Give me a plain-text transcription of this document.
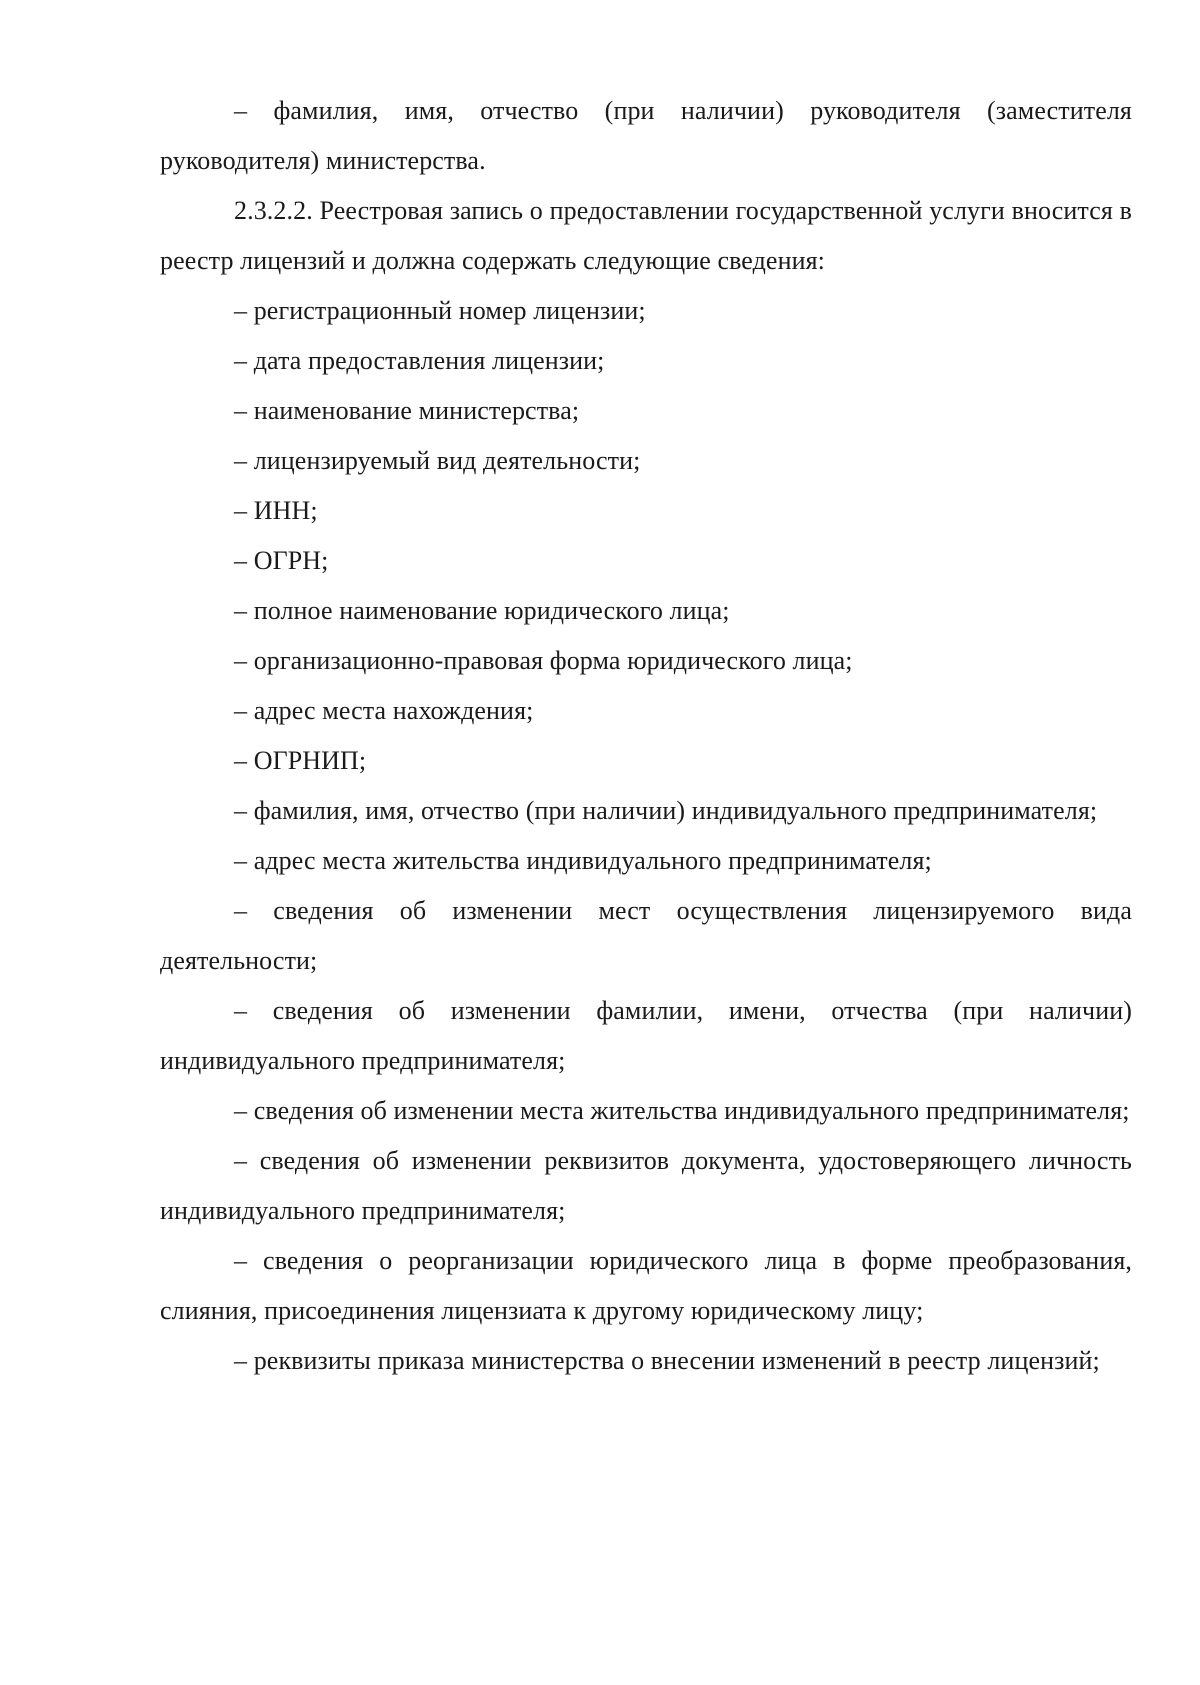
– фамилия, имя, отчество (при наличии) руководителя (заместителя руководителя) министерства.

2.3.2.2. Реестровая запись о предоставлении государственной услуги вносится в реестр лицензий и должна содержать следующие сведения:

– регистрационный номер лицензии;

– дата предоставления лицензии;

– наименование министерства;

– лицензируемый вид деятельности;

– ИНН;

– ОГРН;

– полное наименование юридического лица;

– организационно-правовая форма юридического лица;

– адрес места нахождения;

– ОГРНИП;

– фамилия, имя, отчество (при наличии) индивидуального предпринимателя;

– адрес места жительства индивидуального предпринимателя;

– сведения об изменении мест осуществления лицензируемого вида деятельности;

– сведения об изменении фамилии, имени, отчества (при наличии) индивидуального предпринимателя;

– сведения об изменении места жительства индивидуального предпринимателя;

– сведения об изменении реквизитов документа, удостоверяющего личность индивидуального предпринимателя;

– сведения о реорганизации юридического лица в форме преобразования, слияния, присоединения лицензиата к другому юридическому лицу;

– реквизиты приказа министерства о внесении изменений в реестр лицензий;
